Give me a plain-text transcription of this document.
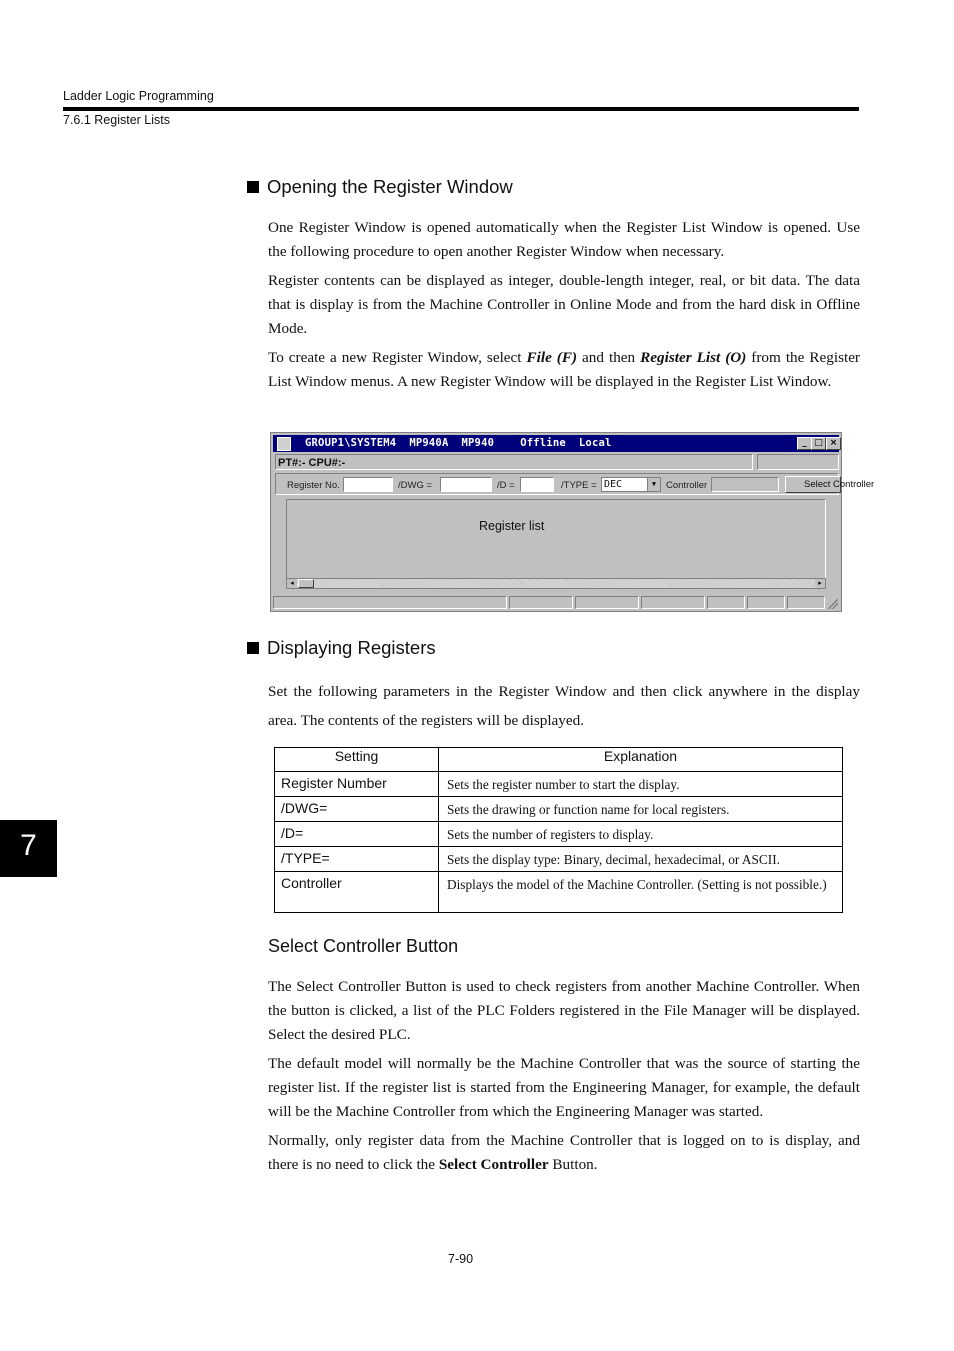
Ladder Logic Programming
7.6.1 Register Lists
Opening the Register Window

One Register Window is opened automatically when the Register List Window is opened. Use the following procedure to open another Register Window when necessary.

Register contents can be displayed as integer, double-length integer, real, or bit data. The data that is display is from the Machine Controller in Online Mode and from the hard disk in Offline Mode.

To create a new Register Window, select File (F) and then Register List (O) from the Register List Window menus. A new Register Window will be displayed in the Register List Window.

GROUP1\SYSTEM4  MP940A  MP940    Offline  Local	_ □ ×
PT#:- CPU#:-
Register No.	/DWG =	/D =	/TYPE = DEC	▼	Controller	Select Controller
Register list
◂	▸
Displaying Registers

Set the following parameters in the Register Window and then click anywhere in the display area. The contents of the registers will be displayed.

Setting	Explanation
Register Number	Sets the register number to start the display.
/DWG=	Sets the drawing or function name for local registers.
/D=	Sets the number of registers to display.
/TYPE=	Sets the display type: Binary, decimal, hexadecimal, or ASCII.
Controller	Displays the model of the Machine Controller. (Setting is not possible.)
Select Controller Button

The Select Controller Button is used to check registers from another Machine Controller. When the button is clicked, a list of the PLC Folders registered in the File Manager will be displayed. Select the desired PLC.

The default model will normally be the Machine Controller that was the source of starting the register list. If the register list is started from the Engineering Manager, for example, the default will be the Machine Controller from which the Engineering Manager was started.

Normally, only register data from the Machine Controller that is logged on to is display, and there is no need to click the Select Controller Button.

7
7-90
